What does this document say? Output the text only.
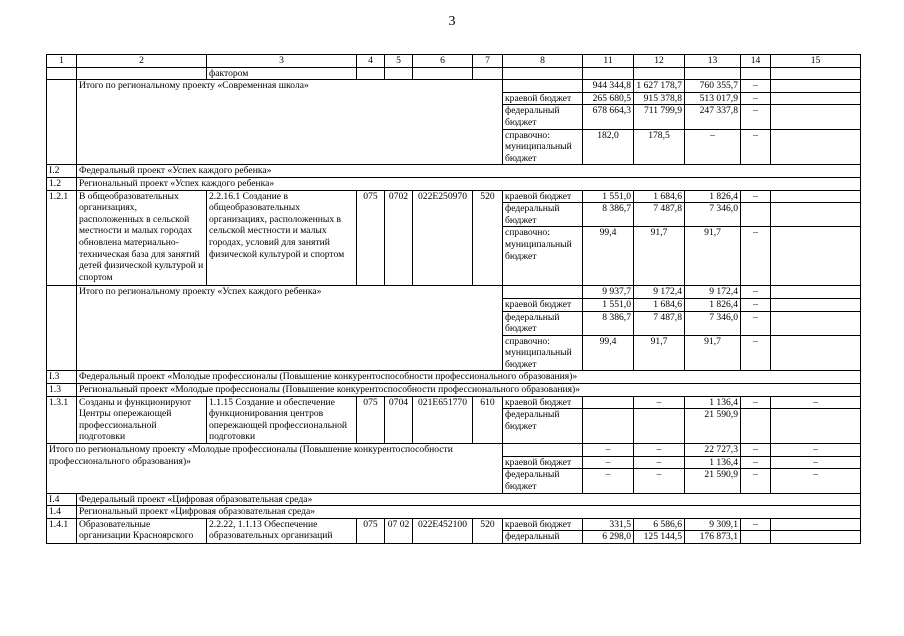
3
1	2	3	4	5	6	7	8	11	12	13	14	15
		фактором										
	Итого по региональному проекту «Современная школа»							944 344,8	1 627 178,7	760 355,7	–	
							краевой бюджет	265 680,5	915 378,8	513 017,9	–	
							федеральный бюджет	678 664,3	711 799,9	247 337,8	–	
							справочно: муниципальный бюджет	182,0	178,5	–	–	
I.2	Федеральный проект «Успех каждого ребенка»											
1.2	Региональный проект «Успех каждого ребенка»											
1.2.1	В общеобразовательных организациях, расположенных в сельской местности и малых городах обновлена материально-техническая база для занятий детей физической культурой и спортом	2.2.16.1 Создание в общеобразовательных организациях, расположенных в сельской местности и малых городах, условий для занятий физической культурой и спортом	075	0702	022E250970	520	краевой бюджет	1 551,0	1 684,6	1 826,4	–	
							федеральный бюджет	8 386,7	7 487,8	7 346,0		
							справочно: муниципальный бюджет	99,4	91,7	91,7	–	
	Итого по региональному проекту «Успех каждого ребенка»							9 937,7	9 172,4	9 172,4	–	
							краевой бюджет	1 551,0	1 684,6	1 826,4	–	
							федеральный бюджет	8 386,7	7 487,8	7 346,0	–	
							справочно: муниципальный бюджет	99,4	91,7	91,7	–	
I.3	Федеральный проект «Молодые профессионалы (Повышение конкурентоспособности профессионального образования)»											
1.3	Региональный проект «Молодые профессионалы (Повышение конкурентоспособности профессионального образования)»											
1.3.1	Созданы и функционируют Центры опережающей профессиональной подготовки	1.1.15 Создание и обеспечение функционирования центров опережающей профессиональной подготовки	075	0704	021E651770	610	краевой бюджет		–	1 136,4	–	–
							федеральный бюджет			21 590,9		
Итого по региональному проекту «Молодые профессионалы (Повышение конкурентоспособности профессионального образования)»								–	–	22 727,3	–	–
							краевой бюджет	–	–	1 136,4	–	–
							федеральный бюджет	–	–	21 590,9	–	–
I.4	Федеральный проект «Цифровая образовательная среда»											
1.4	Региональный проект «Цифровая образовательная среда»											
1.4.1	Образовательные организации Красноярского	2.2.22, 1.1.13 Обеспечение образовательных организаций	075	07 02	022E452100	520	краевой бюджет	331,5	6 586,6	9 309,1	–	
							федеральный	6 298,0	125 144,5	176 873,1		
